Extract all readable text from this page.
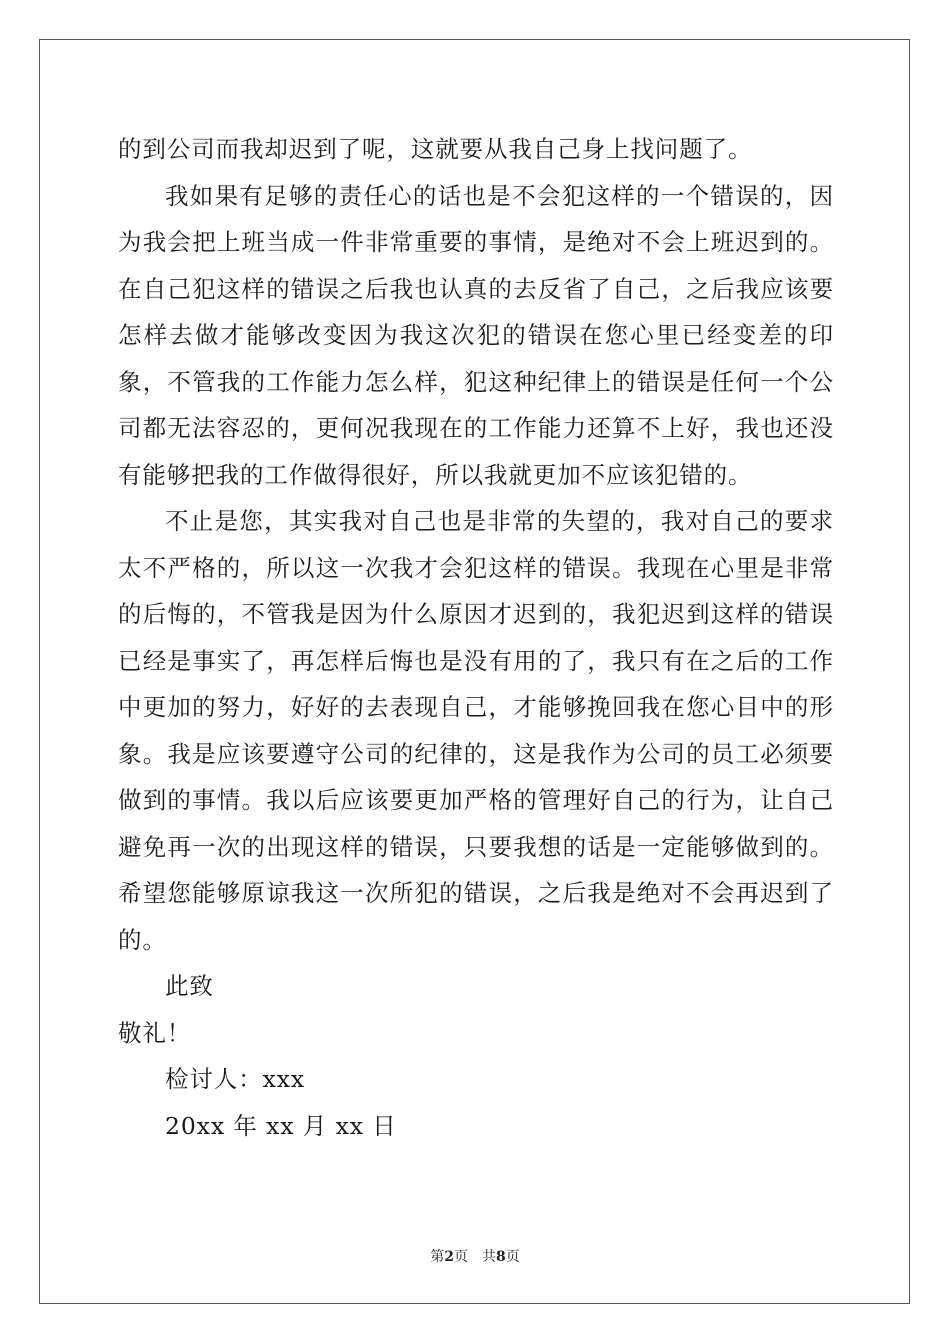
的到公司而我却迟到了呢，这就要从我自己身上找问题了。

我如果有足够的责任心的话也是不会犯这样的一个错误的，因为我会把上班当成一件非常重要的事情，是绝对不会上班迟到的。在自己犯这样的错误之后我也认真的去反省了自己，之后我应该要怎样去做才能够改变因为我这次犯的错误在您心里已经变差的印象，不管我的工作能力怎么样，犯这种纪律上的错误是任何一个公司都无法容忍的，更何况我现在的工作能力还算不上好，我也还没有能够把我的工作做得很好，所以我就更加不应该犯错的。

不止是您，其实我对自己也是非常的失望的，我对自己的要求太不严格的，所以这一次我才会犯这样的错误。我现在心里是非常的后悔的，不管我是因为什么原因才迟到的，我犯迟到这样的错误已经是事实了，再怎样后悔也是没有用的了，我只有在之后的工作中更加的努力，好好的去表现自己，才能够挽回我在您心目中的形象。我是应该要遵守公司的纪律的，这是我作为公司的员工必须要做到的事情。我以后应该要更加严格的管理好自己的行为，让自己避免再一次的出现这样的错误，只要我想的话是一定能够做到的。希望您能够原谅我这一次所犯的错误，之后我是绝对不会再迟到了的。

此致

敬礼！

检讨人：xxx

20xx 年 xx 月 xx 日

第2页 共8页
